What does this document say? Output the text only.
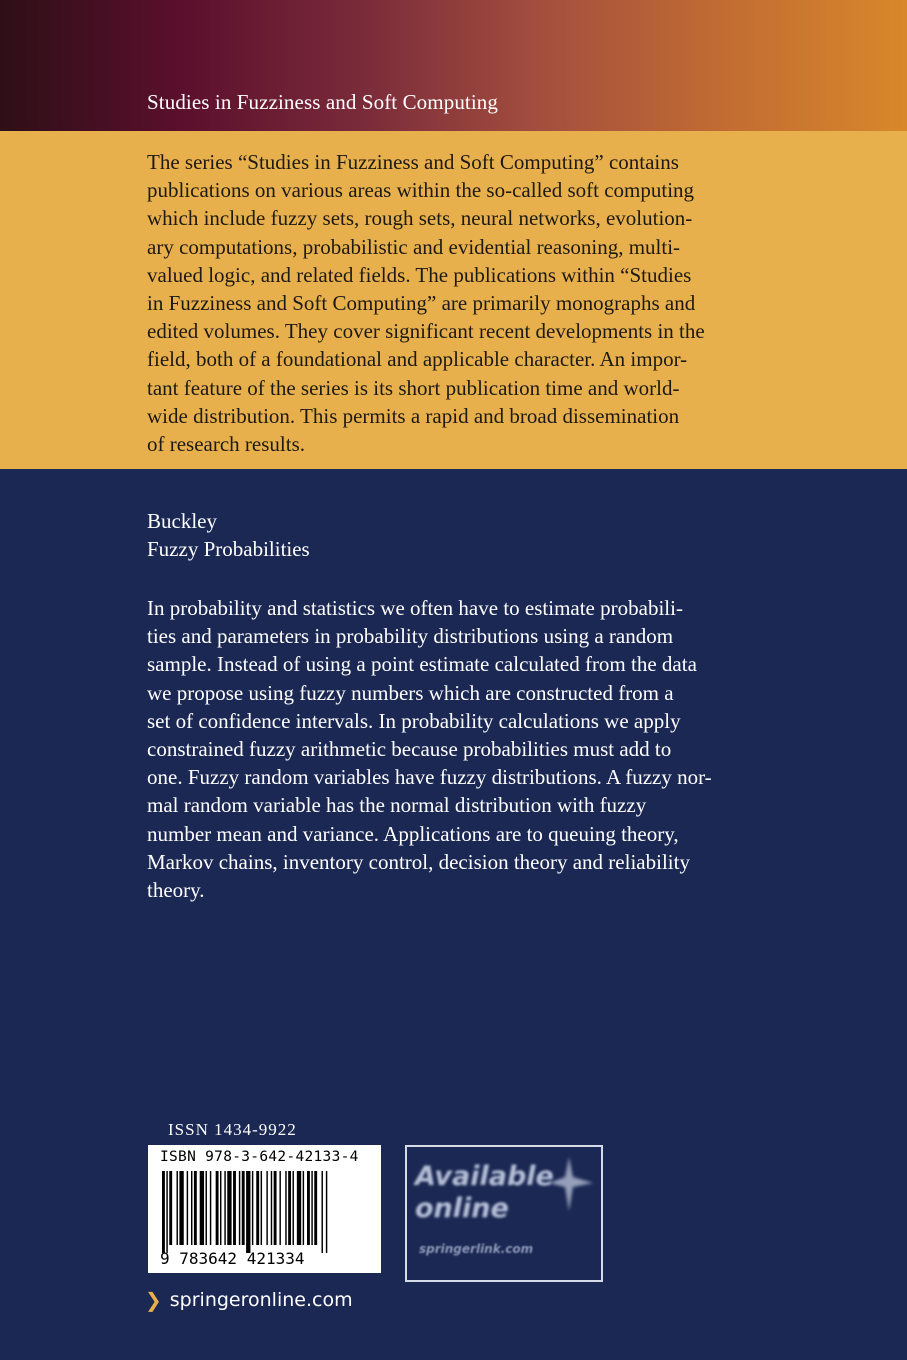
Studies in Fuzziness and Soft Computing
The series “Studies in Fuzziness and Soft Computing” contains
publications on various areas within the so-called soft computing
which include fuzzy sets, rough sets, neural networks, evolution-
ary computations, probabilistic and evidential reasoning, multi-
valued logic, and related fields. The publications within “Studies
in Fuzziness and Soft Computing” are primarily monographs and
edited volumes. They cover significant recent developments in the
field, both of a foundational and applicable character. An impor-
tant feature of the series is its short publication time and world-
wide distribution. This permits a rapid and broad dissemination
of research results.
Buckley
Fuzzy Probabilities
In probability and statistics we often have to estimate probabili-
ties and parameters in probability distributions using a random
sample. Instead of using a point estimate calculated from the data
we propose using fuzzy numbers which are constructed from a
set of confidence intervals. In probability calculations we apply
constrained fuzzy arithmetic because probabilities must add to
one. Fuzzy random variables have fuzzy distributions. A fuzzy nor-
mal random variable has the normal distribution with fuzzy
number mean and variance. Applications are to queuing theory,
Markov chains, inventory control, decision theory and reliability
theory.
ISSN 1434-9922
ISBN 978-3-642-42133-4
9 783642 421334
Available
online
springerlink.com
❯ springeronline.com
